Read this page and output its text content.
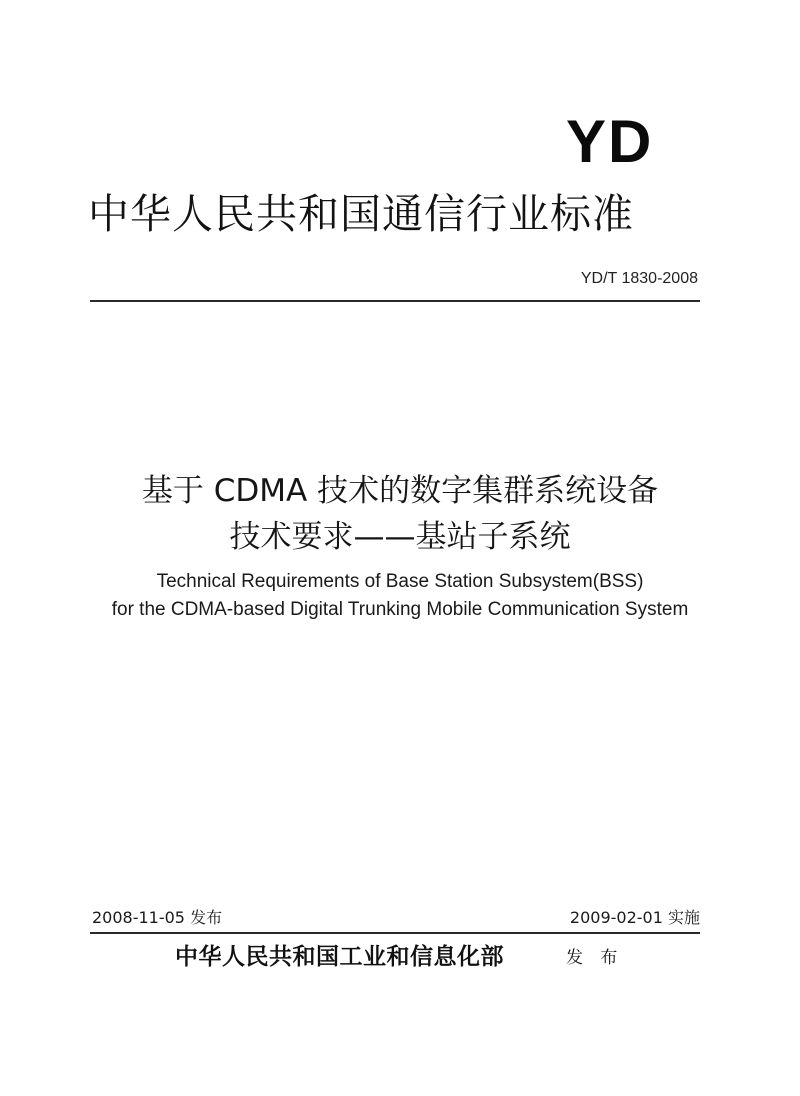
YD
中华人民共和国通信行业标准
YD/T 1830-2008
基于 CDMA 技术的数字集群系统设备
技术要求——基站子系统
Technical Requirements of Base Station Subsystem(BSS)
for the CDMA-based Digital Trunking Mobile Communication System
2008-11-05 发布	2009-02-01 实施
中华人民共和国工业和信息化部	发 布
